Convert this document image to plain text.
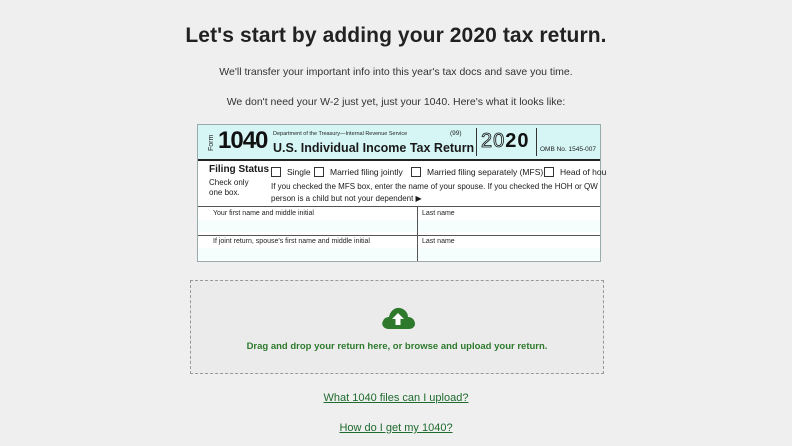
Let's start by adding your 2020 tax return.
We'll transfer your important info into this year's tax docs and save you time.
We don't need your W-2 just yet, just your 1040. Here's what it looks like:
Form 1040 Department of the Treasury—Internal Revenue Service	(99)
U.S. Individual Income Tax Return 2020 OMB No. 1545-007
Filing Status
Check only one box.
Single Married filing jointly	Married filing separately (MFS) Head of hou
If you checked the MFS box, enter the name of your spouse. If you checked the HOH or QW
person is a child but not your dependent ▶
Your first name and middle initial	Last name
If joint return, spouse's first name and middle initial	Last name
Drag and drop your return here, or browse and upload your return.
What 1040 files can I upload?
How do I get my 1040?
